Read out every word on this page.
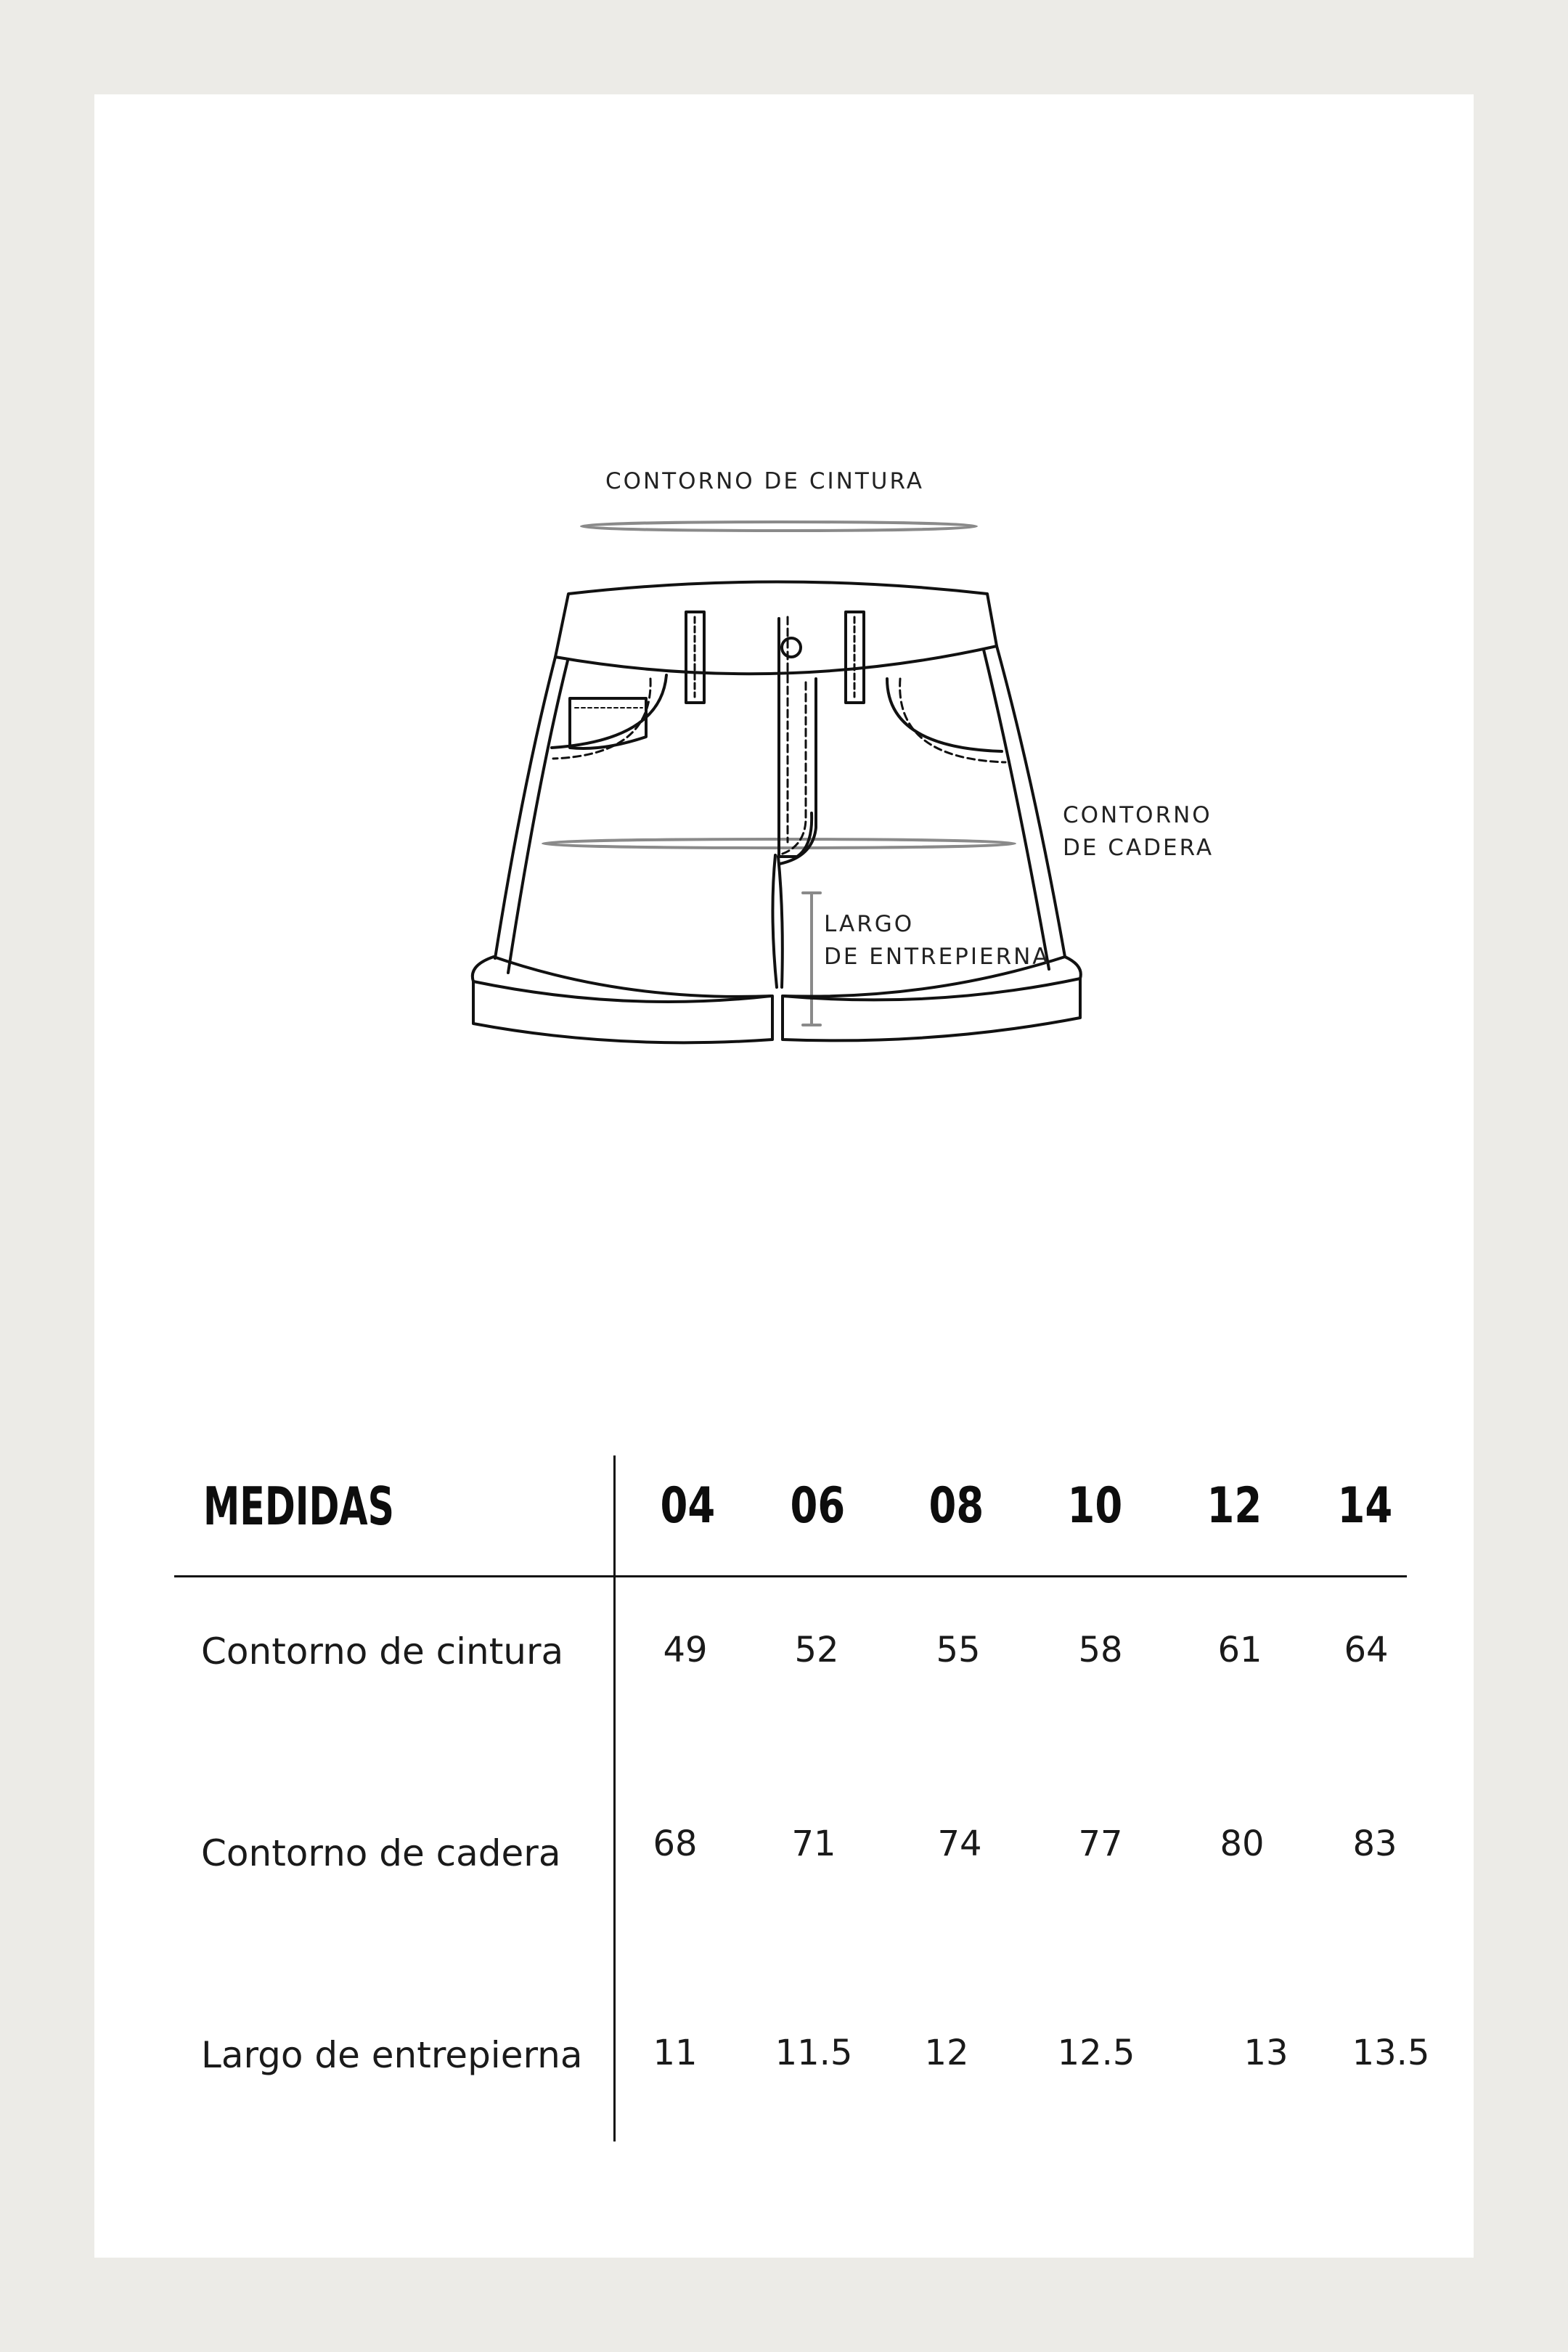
CONTORNO DE CINTURA
CONTORNO
DE CADERA
LARGO
DE ENTREPIERNA
MEDIDAS	04	06	08	10	12	14
Contorno de cintura	49	52	55	58	61	64
Contorno de cadera	68	71	74	77	80	83
Largo de entrepierna	11	11.5	12	12.5	13	13.5
